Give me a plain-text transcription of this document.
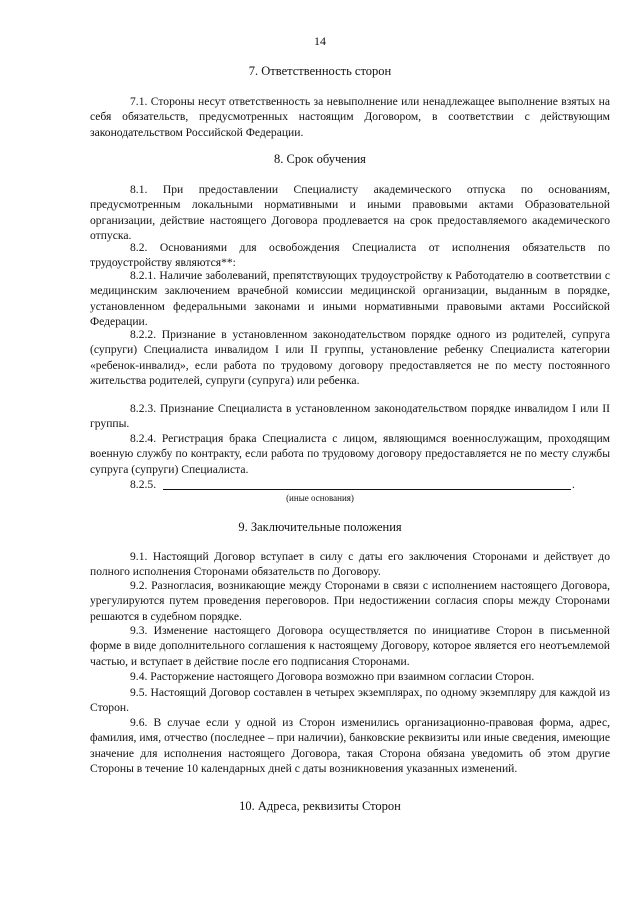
14
7. Ответственность сторон

7.1. Стороны несут ответственность за невыполнение или ненадлежащее выполнение взятых на себя обязательств, предусмотренных настоящим Договором, в соответствии с действующим законодательством Российской Федерации.

8. Срок обучения

8.1. При предоставлении Специалисту академического отпуска по основаниям, предусмотренным локальными нормативными и иными правовыми актами Образовательной организации, действие настоящего Договора продлевается на срок предоставляемого академического отпуска.

8.2. Основаниями для освобождения Специалиста от исполнения обязательств по трудоустройству являются**:

8.2.1. Наличие заболеваний, препятствующих трудоустройству к Работодателю в соответствии с медицинским заключением врачебной комиссии медицинской организации, выданным в порядке, установленном федеральными законами и иными нормативными правовыми актами Российской Федерации.

8.2.2. Признание в установленном законодательством порядке одного из родителей, супруга (супруги) Специалиста инвалидом I или II группы, установление ребенку Специалиста категории «ребенок-инвалид», если работа по трудовому договору предоставляется не по месту постоянного жительства родителей, супруги (супруга) или ребенка.

8.2.3. Признание Специалиста в установленном законодательством порядке инвалидом I или II группы.

8.2.4. Регистрация брака Специалиста с лицом, являющимся военнослужащим, проходящим военную службу по контракту, если работа по трудовому договору предоставляется не по месту службы супруга (супруги) Специалиста.

8.2.5.	.
(иные основания)
9. Заключительные положения

9.1. Настоящий Договор вступает в силу с даты его заключения Сторонами и действует до полного исполнения Сторонами обязательств по Договору.

9.2. Разногласия, возникающие между Сторонами в связи с исполнением настоящего Договора, урегулируются путем проведения переговоров. При недостижении согласия споры между Сторонами решаются в судебном порядке.

9.3. Изменение настоящего Договора осуществляется по инициативе Сторон в письменной форме в виде дополнительного соглашения к настоящему Договору, которое является его неотъемлемой частью, и вступает в действие после его подписания Сторонами.

9.4. Расторжение настоящего Договора возможно при взаимном согласии Сторон.

9.5. Настоящий Договор составлен в четырех экземплярах, по одному экземпляру для каждой из Сторон.

9.6. В случае если у одной из Сторон изменились организационно-правовая форма, адрес, фамилия, имя, отчество (последнее – при наличии), банковские реквизиты или иные сведения, имеющие значение для исполнения настоящего Договора, такая Сторона обязана уведомить об этом другие Стороны в течение 10 календарных дней с даты возникновения указанных изменений.

10. Адреса, реквизиты Сторон
